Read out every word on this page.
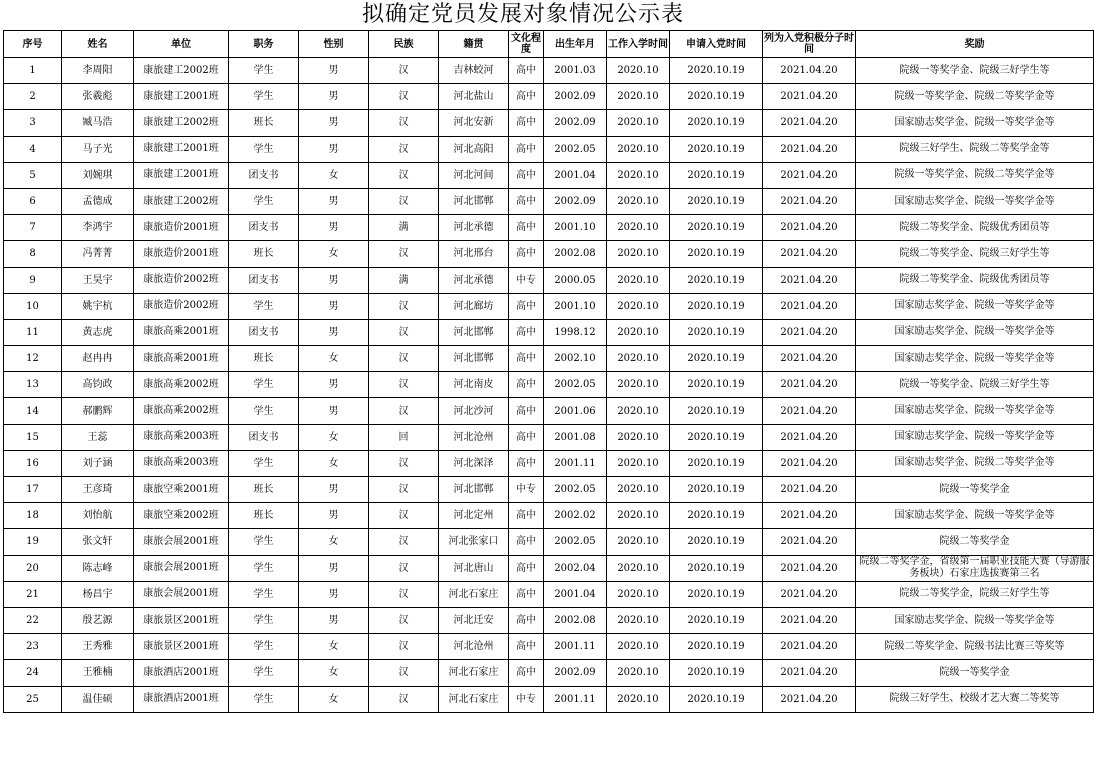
拟确定党员发展对象情况公示表
序号	姓名	单位	职务	性别	民族	籍贯	文化程度	出生年月	工作入学时间	申请入党时间	列为入党积极分子时间	奖励
1	李周阳	康旅建工2002班	学生	男	汉	吉林蛟河	高中	2001.03	2020.10	2020.10.19	2021.04.20	院级一等奖学金、院级三好学生等
2	张羲彪	康旅建工2001班	学生	男	汉	河北盐山	高中	2002.09	2020.10	2020.10.19	2021.04.20	院级一等奖学金、院级二等奖学金等
3	臧马浩	康旅建工2002班	班长	男	汉	河北安新	高中	2002.09	2020.10	2020.10.19	2021.04.20	国家励志奖学金、院级一等奖学金等
4	马子光	康旅建工2001班	学生	男	汉	河北高阳	高中	2002.05	2020.10	2020.10.19	2021.04.20	院级三好学生、院级二等奖学金等
5	刘婉琪	康旅建工2001班	团支书	女	汉	河北河间	高中	2001.04	2020.10	2020.10.19	2021.04.20	院级一等奖学金、院级二等奖学金等
6	孟德成	康旅建工2002班	学生	男	汉	河北邯郸	高中	2002.09	2020.10	2020.10.19	2021.04.20	国家励志奖学金、院级一等奖学金等
7	李鸿宇	康旅造价2001班	团支书	男	满	河北承德	高中	2001.10	2020.10	2020.10.19	2021.04.20	院级二等奖学金、院级优秀团员等
8	冯菁菁	康旅造价2001班	班长	女	汉	河北邢台	高中	2002.08	2020.10	2020.10.19	2021.04.20	院级二等奖学金、院级三好学生等
9	王昊宇	康旅造价2002班	团支书	男	满	河北承德	中专	2000.05	2020.10	2020.10.19	2021.04.20	院级二等奖学金、院级优秀团员等
10	姚宇杭	康旅造价2002班	学生	男	汉	河北廊坊	高中	2001.10	2020.10	2020.10.19	2021.04.20	国家励志奖学金、院级一等奖学金等
11	黄志虎	康旅高乘2001班	团支书	男	汉	河北邯郸	高中	1998.12	2020.10	2020.10.19	2021.04.20	国家励志奖学金、院级一等奖学金等
12	赵冉冉	康旅高乘2001班	班长	女	汉	河北邯郸	高中	2002.10	2020.10	2020.10.19	2021.04.20	国家励志奖学金、院级一等奖学金等
13	高钧政	康旅高乘2002班	学生	男	汉	河北南皮	高中	2002.05	2020.10	2020.10.19	2021.04.20	院级一等奖学金、院级三好学生等
14	郝鹏辉	康旅高乘2002班	学生	男	汉	河北沙河	高中	2001.06	2020.10	2020.10.19	2021.04.20	国家励志奖学金、院级一等奖学金等
15	王蕊	康旅高乘2003班	团支书	女	回	河北沧州	高中	2001.08	2020.10	2020.10.19	2021.04.20	国家励志奖学金、院级一等奖学金等
16	刘子涵	康旅高乘2003班	学生	女	汉	河北深泽	高中	2001.11	2020.10	2020.10.19	2021.04.20	国家励志奖学金、院级二等奖学金等
17	王彦琦	康旅空乘2001班	班长	男	汉	河北邯郸	中专	2002.05	2020.10	2020.10.19	2021.04.20	院级一等奖学金
18	刘怡航	康旅空乘2002班	班长	男	汉	河北定州	高中	2002.02	2020.10	2020.10.19	2021.04.20	国家励志奖学金、院级一等奖学金等
19	张文轩	康旅会展2001班	学生	女	汉	河北张家口	高中	2002.05	2020.10	2020.10.19	2021.04.20	院级二等奖学金
20	陈志峰	康旅会展2001班	学生	男	汉	河北唐山	高中	2002.04	2020.10	2020.10.19	2021.04.20	院级二等奖学金，省级第一届职业技能大赛（导游服务板块）石家庄选拔赛第三名
21	杨昌宇	康旅会展2001班	学生	男	汉	河北石家庄	高中	2001.04	2020.10	2020.10.19	2021.04.20	院级二等奖学金，院级三好学生等
22	殷艺源	康旅景区2001班	学生	男	汉	河北迁安	高中	2002.08	2020.10	2020.10.19	2021.04.20	国家励志奖学金、院级一等奖学金等
23	王秀雅	康旅景区2001班	学生	女	汉	河北沧州	高中	2001.11	2020.10	2020.10.19	2021.04.20	院级二等奖学金、院级书法比赛三等奖等
24	王雅楠	康旅酒店2001班	学生	女	汉	河北石家庄	高中	2002.09	2020.10	2020.10.19	2021.04.20	院级一等奖学金
25	温佳硕	康旅酒店2001班	学生	女	汉	河北石家庄	中专	2001.11	2020.10	2020.10.19	2021.04.20	院级三好学生、校级才艺大赛二等奖等
